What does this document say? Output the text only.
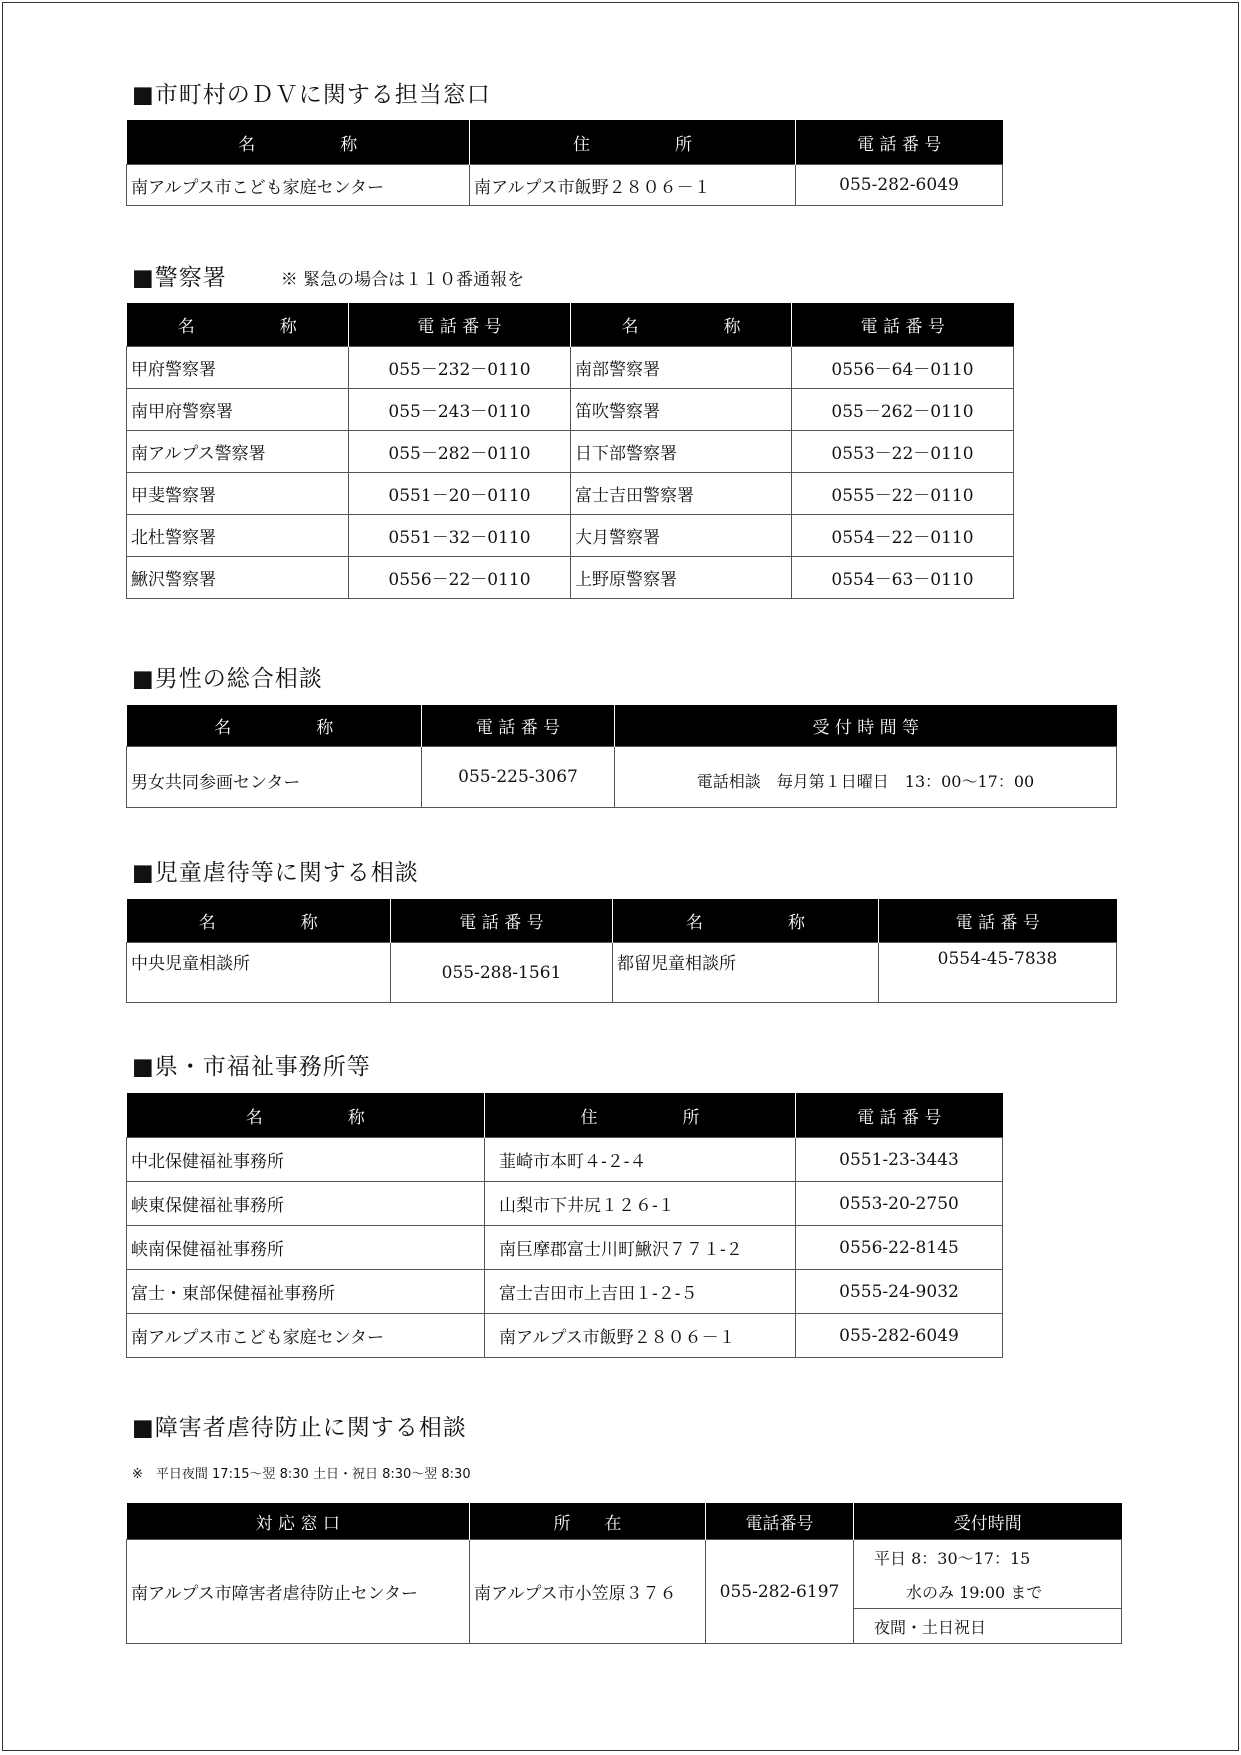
■市町村のＤＶに関する担当窓口
名　　　　　称	住　　　　　所	電 話 番 号
南アルプス市こども家庭センター	南アルプス市飯野２８０６－１	055-282-6049
■警察署	※ 緊急の場合は１１０番通報を
名　　　　　称	電 話 番 号	名　　　　　称	電 話 番 号
甲府警察署	055－232－0110	南部警察署	0556－64－0110
南甲府警察署	055－243－0110	笛吹警察署	055－262－0110
南アルプス警察署	055－282－0110	日下部警察署	0553－22－0110
甲斐警察署	0551－20－0110	富士吉田警察署	0555－22－0110
北杜警察署	0551－32－0110	大月警察署	0554－22－0110
鰍沢警察署	0556－22－0110	上野原警察署	0554－63－0110
■男性の総合相談
名　　　　　称	電 話 番 号	受 付 時 間 等
男女共同参画センター	055-225-3067	電話相談　毎月第１日曜日　13：00～17：00
■児童虐待等に関する相談
名　　　　　称	電 話 番 号	名　　　　　称	電 話 番 号
中央児童相談所	055-288-1561	都留児童相談所	0554-45-7838
■県・市福祉事務所等
名　　　　　称	住　　　　　所	電 話 番 号
中北保健福祉事務所	韮崎市本町４-２-４	0551-23-3443
峡東保健福祉事務所	山梨市下井尻１２６-１	0553-20-2750
峡南保健福祉事務所	南巨摩郡富士川町鰍沢７７１-２	0556-22-8145
富士・東部保健福祉事務所	富士吉田市上吉田１-２-５	0555-24-9032
南アルプス市こども家庭センター	南アルプス市飯野２８０６－１	055-282-6049
■障害者虐待防止に関する相談
※　平日夜間 17:15～翌 8:30 土日・祝日 8:30～翌 8:30
対 応 窓 口	所　　在	電話番号	受付時間
南アルプス市障害者虐待防止センター	南アルプス市小笠原３７６	055-282-6197	平日 8：30～17：15
			水のみ 19:00 まで
			夜間・土日祝日
